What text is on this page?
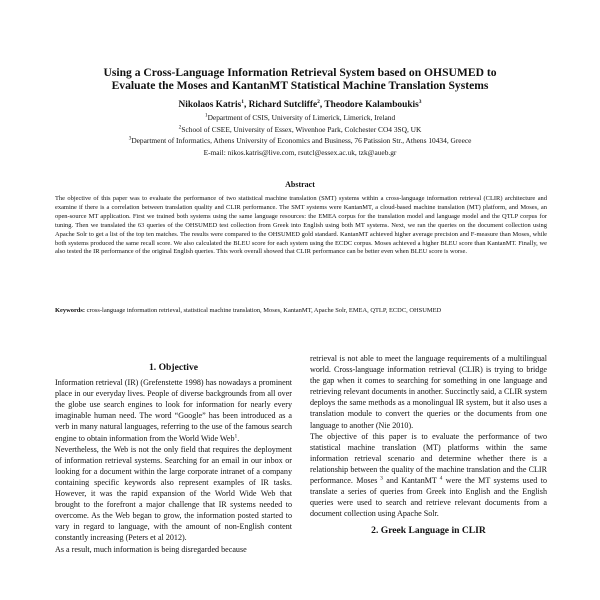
Using a Cross-Language Information Retrieval System based on OHSUMED to
Evaluate the Moses and KantanMT Statistical Machine Translation Systems
Nikolaos Katris$^1$, Richard Sutcliffe$^2$, Theodore Kalamboukis$^3$
$^1$Department of CSIS, University of Limerick, Limerick, Ireland
$^2$School of CSEE, University of Essex, Wivenhoe Park, Colchester CO4 3SQ, UK
$^3$Department of Informatics, Athens University of Economics and Business, 76 Patission Str., Athens 10434, Greece
E-mail: nikos.katris@live.com, rsutcl@essex.ac.uk, tzk@aueb.gr
Abstract

The objective of this paper was to evaluate the performance of two statistical machine translation (SMT) systems within a cross-language information retrieval (CLIR) architecture and examine if there is a correlation between translation quality and CLIR performance. The SMT systems were KantanMT, a cloud-based machine translation (MT) platform, and Moses, an open-source MT application. First we trained both systems using the same language resources: the EMEA corpus for the translation model and language model and the QTLP corpus for tuning. Then we translated the 63 queries of the OHSUMED test collection from Greek into English using both MT systems. Next, we ran the queries on the document collection using Apache Solr to get a list of the top ten matches. The results were compared to the OHSUMED gold standard. KantanMT achieved higher average precision and F-measure than Moses, while both systems produced the same recall score. We also calculated the BLEU score for each system using the ECDC corpus. Moses achieved a higher BLEU score than KantanMT. Finally, we also tested the IR performance of the original English queries. This work overall showed that CLIR performance can be better even when BLEU score is worse.

Keywords: cross-language information retrieval, statistical machine translation, Moses, KantanMT, Apache Solr, EMEA, QTLP, ECDC, OHSUMED

1. Objective

Information retrieval (IR) (Grefenstette 1998) has nowadays a prominent place in our everyday lives. People of diverse backgrounds from all over the globe use search engines to look for information for nearly every imaginable human need. The word “Google” has been introduced as a verb in many natural languages, referring to the use of the famous search engine to obtain information from the World Wide Web$^1$.

Nevertheless, the Web is not the only field that requires the deployment of information retrieval systems. Searching for an email in our inbox or looking for a document within the large corporate intranet of a company containing specific keywords also represent examples of IR tasks. However, it was the rapid expansion of the World Wide Web that brought to the forefront a major challenge that IR systems needed to overcome. As the Web began to grow, the information posted started to vary in regard to language, with the amount of non-English content constantly increasing (Peters et al 2012).

As a result, much information is being disregarded because

retrieval is not able to meet the language requirements of a multilingual world. Cross-language information retrieval (CLIR) is trying to bridge the gap when it comes to searching for something in one language and retrieving relevant documents in another. Succinctly said, a CLIR system deploys the same methods as a monolingual IR system, but it also uses a translation module to convert the queries or the documents from one language to another (Nie 2010).

The objective of this paper is to evaluate the performance of two statistical machine translation (MT) platforms within the same information retrieval scenario and determine whether there is a relationship between the quality of the machine translation and the CLIR performance. Moses $^3$ and KantanMT $^4$ were the MT systems used to translate a series of queries from Greek into English and the English queries were used to search and retrieve relevant documents from a document collection using Apache Solr.

2. Greek Language in CLIR
